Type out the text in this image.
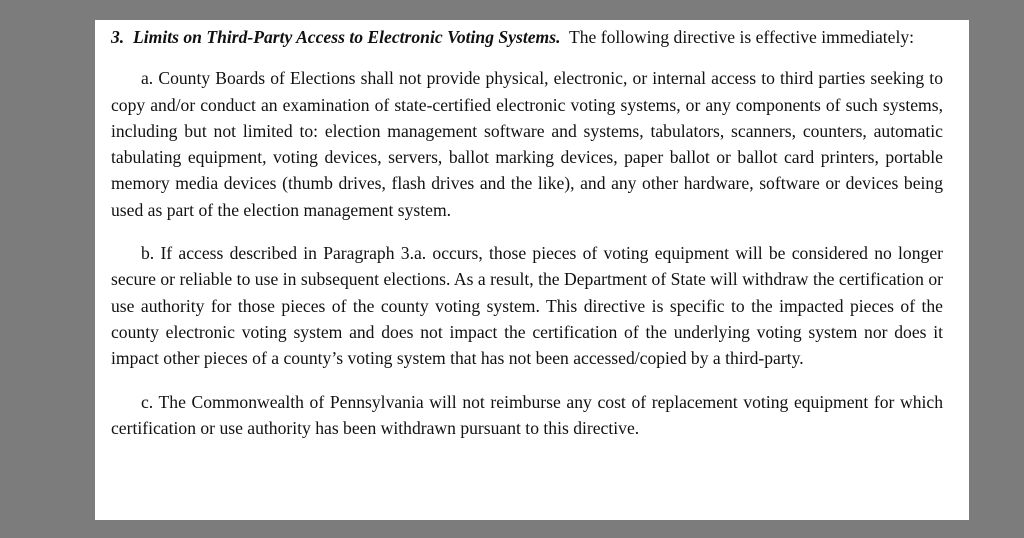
3. Limits on Third-Party Access to Electronic Voting Systems. The following directive is effective immediately:

a. County Boards of Elections shall not provide physical, electronic, or internal access to third parties seeking to copy and/or conduct an examination of state-certified electronic voting systems, or any components of such systems, including but not limited to: election management software and systems, tabulators, scanners, counters, automatic tabulating equipment, voting devices, servers, ballot marking devices, paper ballot or ballot card printers, portable memory media devices (thumb drives, flash drives and the like), and any other hardware, software or devices being used as part of the election management system.

b. If access described in Paragraph 3.a. occurs, those pieces of voting equipment will be considered no longer secure or reliable to use in subsequent elections. As a result, the Department of State will withdraw the certification or use authority for those pieces of the county voting system. This directive is specific to the impacted pieces of the county electronic voting system and does not impact the certification of the underlying voting system nor does it impact other pieces of a county’s voting system that has not been accessed/copied by a third-party.

c. The Commonwealth of Pennsylvania will not reimburse any cost of replacement voting equipment for which certification or use authority has been withdrawn pursuant to this directive.
